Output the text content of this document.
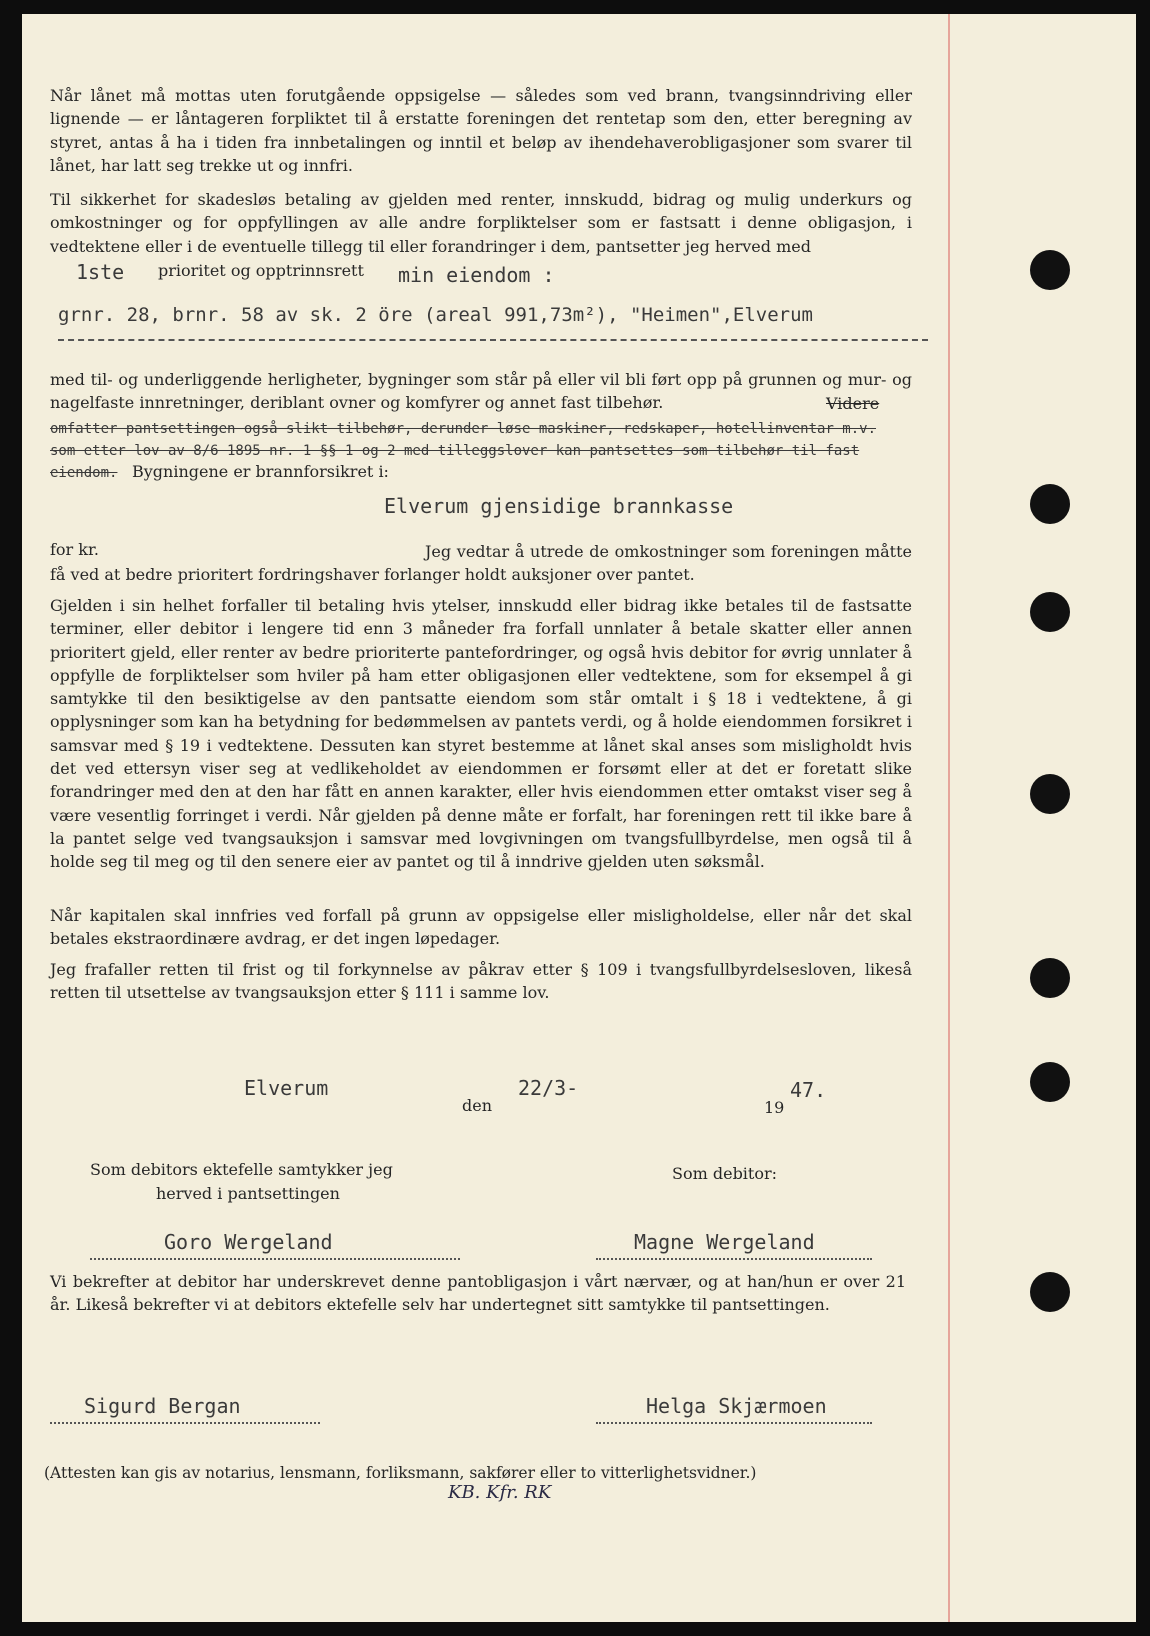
Når lånet må mottas uten forutgående oppsigelse — således som ved brann, tvangsinndriving eller lignende — er låntageren forpliktet til å erstatte foreningen det rentetap som den, etter beregning av styret, antas å ha i tiden fra innbetalingen og inntil et beløp av ihendehaverobligasjoner som svarer til lånet, har latt seg trekke ut og innfri.
Til sikkerhet for skadesløs betaling av gjelden med renter, innskudd, bidrag og mulig underkurs og omkostninger og for oppfyllingen av alle andre forpliktelser som er fastsatt i denne obligasjon, i vedtektene eller i de eventuelle tillegg til eller forandringer i dem, pantsetter jeg herved med
1ste prioritet og opptrinnsrett min eiendom :
grnr. 28, brnr. 58 av sk. 2 öre (areal 991,73m²), "Heimen",Elverum
med til- og underliggende herligheter, bygninger som står på eller vil bli ført opp på grunnen og mur- og nagelfaste innretninger, deriblant ovner og komfyrer og annet fast tilbehør.	Videre
omfatter pantsettingen også slikt tilbehør, derunder løse maskiner, redskaper, hotellinventar m.v.
som etter lov av 8/6 1895 nr. 1 §§ 1 og 2 med tilleggslover kan pantsettes som tilbehør til fast
eiendom. Bygningene er brannforsikret i:
Elverum gjensidige brannkasse
for kr.	Jeg vedtar å utrede de omkostninger som foreningen måtte få ved at bedre prioritert fordringshaver forlanger holdt auksjoner over pantet.
Gjelden i sin helhet forfaller til betaling hvis ytelser, innskudd eller bidrag ikke betales til de fastsatte terminer, eller debitor i lengere tid enn 3 måneder fra forfall unnlater å betale skatter eller annen prioritert gjeld, eller renter av bedre prioriterte pantefordringer, og også hvis debitor for øvrig unnlater å oppfylle de forpliktelser som hviler på ham etter obligasjonen eller vedtektene, som for eksempel å gi samtykke til den besiktigelse av den pantsatte eiendom som står omtalt i § 18 i vedtektene, å gi opplysninger som kan ha betydning for bedømmelsen av pantets verdi, og å holde eiendommen forsikret i samsvar med § 19 i vedtektene. Dessuten kan styret bestemme at lånet skal anses som misligholdt hvis det ved ettersyn viser seg at vedlikeholdet av eiendommen er forsømt eller at det er foretatt slike forandringer med den at den har fått en annen karakter, eller hvis eiendommen etter omtakst viser seg å være vesentlig forringet i verdi. Når gjelden på denne måte er forfalt, har foreningen rett til ikke bare å la pantet selge ved tvangsauksjon i samsvar med lovgivningen om tvangsfullbyrdelse, men også til å holde seg til meg og til den senere eier av pantet og til å inndrive gjelden uten søksmål.
Når kapitalen skal innfries ved forfall på grunn av oppsigelse eller misligholdelse, eller når det skal betales ekstraordinære avdrag, er det ingen løpedager.
Jeg frafaller retten til frist og til forkynnelse av påkrav etter § 109 i tvangsfullbyrdelsesloven, likeså retten til utsettelse av tvangsauksjon etter § 111 i samme lov.
Elverum
den
22/3-
19
47.
Som debitors ektefelle samtykker jeg
herved i pantsettingen
Som debitor:
Goro Wergeland	Magne Wergeland
Vi bekrefter at debitor har underskrevet denne pantobligasjon i vårt nærvær, og at han/hun er over 21 år. Likeså bekrefter vi at debitors ektefelle selv har undertegnet sitt samtykke til pantsettingen.
Sigurd Bergan	Helga Skjærmoen
(Attesten kan gis av notarius, lensmann, forliksmann, sakfører eller to vitterlighetsvidner.)
KB. Kfr. RK
